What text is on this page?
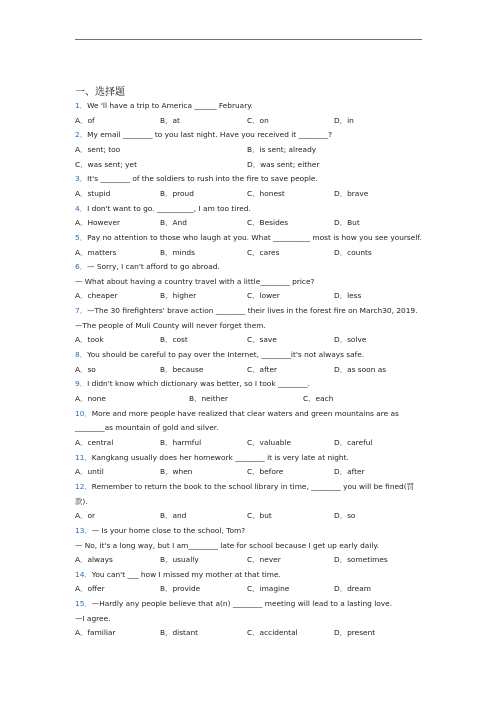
一、选择题
1．We 'll have a trip to America ______ February.
A．of	B．at	C．on	D．in
2．My email ________ to you last night. Have you received it ________?
A．sent; too	B．is sent; already
C．was sent; yet	D．was sent; either
3．It's ________ of the soldiers to rush into the fire to save people.
A．stupid	B．proud	C．honest	D．brave
4．I don't want to go. __________, I am too tired.
A．However	B．And	C．Besides	D．But
5．Pay no attention to those who laugh at you. What __________ most is how you see yourself.
A．matters	B．minds	C．cares	D．counts
6．— Sorry, I can't afford to go abroad.
— What about having a country travel with a little________ price?
A．cheaper	B．higher	C．lower	D．less
7．—The 30 firefighters' brave action ________ their lives in the forest fire on March30, 2019.
—The people of Muli County will never forget them.
A．took	B．cost	C．save	D．solve
8．You should be careful to pay over the Internet, ________it's not always safe.
A．so	B．because	C．after	D．as soon as
9．I didn't know which dictionary was better, so I took ________.
A．none	B．neither	C．each
10．More and more people have realized that clear waters and green mountains are as
________as mountain of gold and silver.
A．central	B．harmful	C．valuable	D．careful
11．Kangkang usually does her homework ________ it is very late at night.
A．until	B．when	C．before	D．after
12．Remember to return the book to the school library in time, ________ you will be fined(罚
款).
A．or	B．and	C．but	D．so
13．— Is your home close to the school, Tom?
— No, it's a long way, but I am________ late for school because I get up early daily.
A．always	B．usually	C．never	D．sometimes
14．You can't ___ how I missed my mother at that time.
A．offer	B．provide	C．imagine	D．dream
15．—Hardly any people believe that a(n) ________ meeting will lead to a lasting love.
—I agree.
A．familiar	B．distant	C．accidental	D．present
